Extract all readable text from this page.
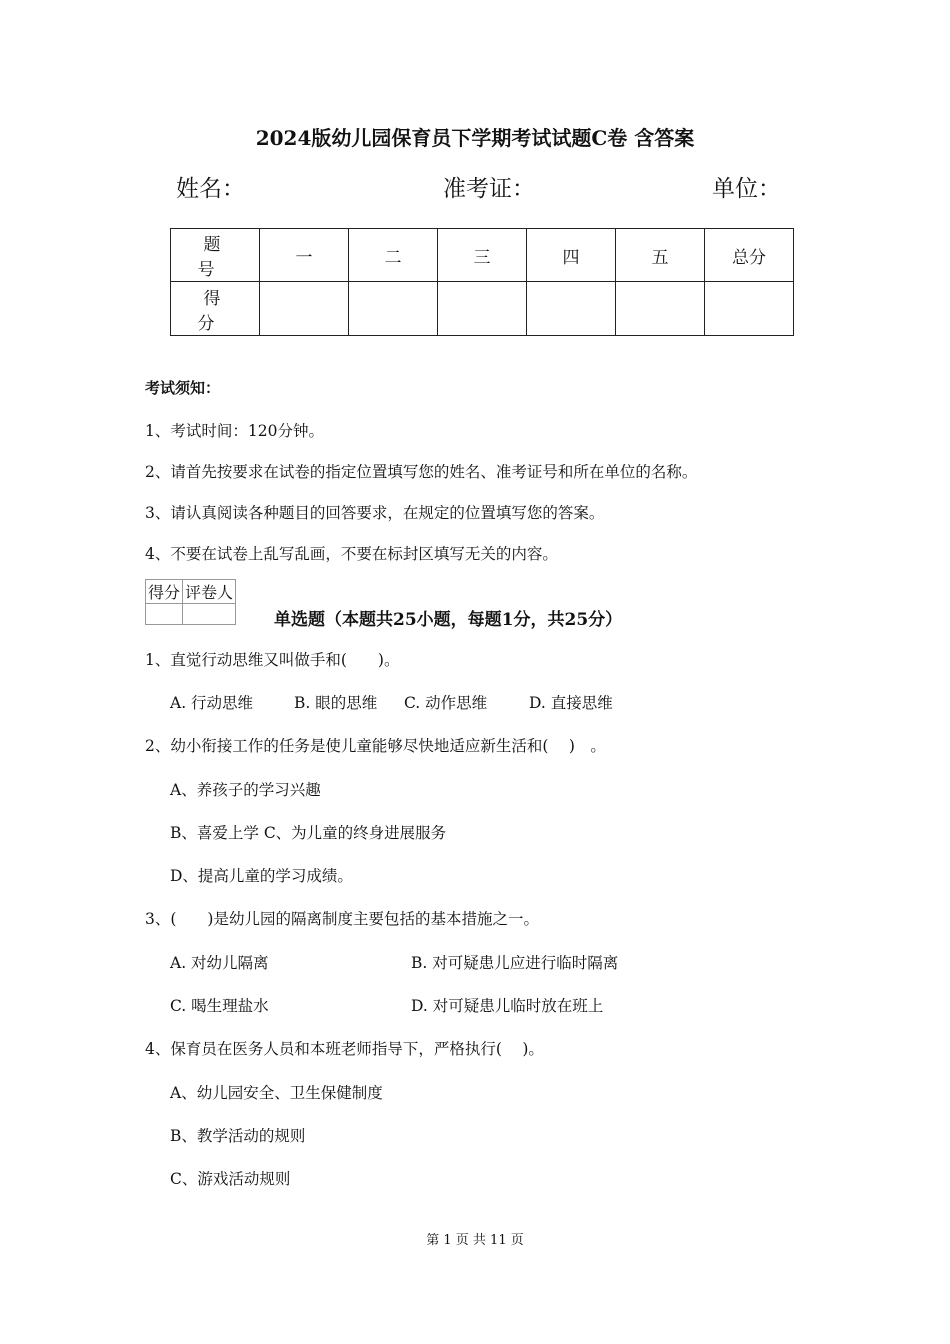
2024版幼儿园保育员下学期考试试题C卷 含答案
姓名：	准考证：	单位：
题　号	一	二	三	四	五	总分
得　分						
考试须知：
1、考试时间：120分钟。
2、请首先按要求在试卷的指定位置填写您的姓名、准考证号和所在单位的名称。
3、请认真阅读各种题目的回答要求，在规定的位置填写您的答案。
4、不要在试卷上乱写乱画，不要在标封区填写无关的内容。
得分	评卷人

单选题（本题共25小题，每题1分，共25分）
1、直觉行动思维又叫做手和(　　)。
A. 行动思维	B. 眼的思维 C. 动作思维	D. 直接思维
2、幼小衔接工作的任务是使儿童能够尽快地适应新生活和(　 )　。
A、养孩子的学习兴趣
B、喜爱上学 C、为儿童的终身进展服务
D、提高儿童的学习成绩。
3、(　　)是幼儿园的隔离制度主要包括的基本措施之一。
A. 对幼儿隔离	B. 对可疑患儿应进行临时隔离
C. 喝生理盐水	D. 对可疑患儿临时放在班上
4、保育员在医务人员和本班老师指导下，严格执行(　 )。
A、幼儿园安全、卫生保健制度
B、教学活动的规则
C、游戏活动规则
第 1 页 共 11 页
